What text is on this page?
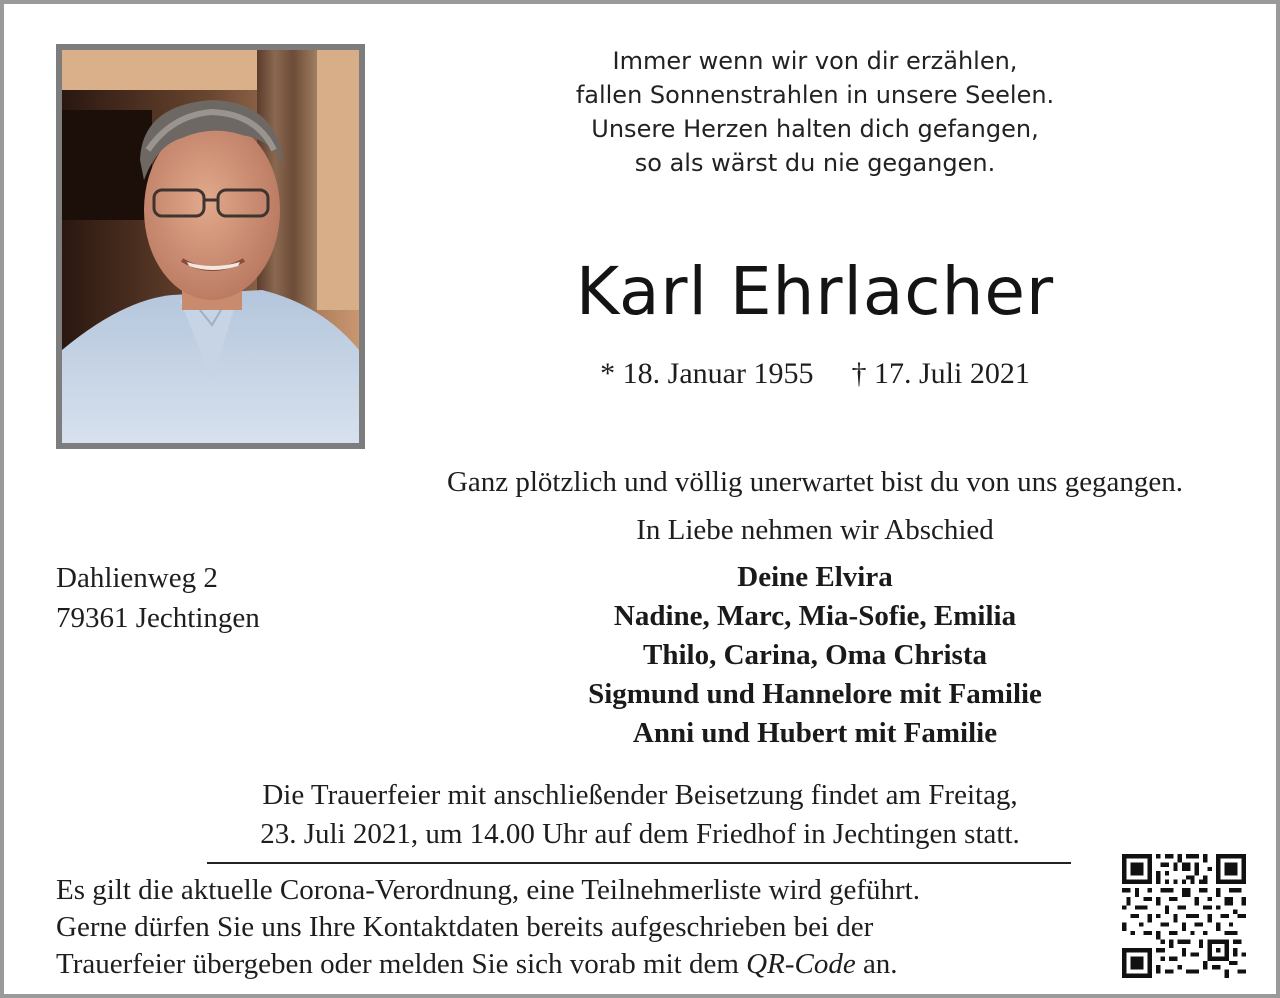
Immer wenn wir von dir erzählen,
fallen Sonnenstrahlen in unsere Seelen.
Unsere Herzen halten dich gefangen,
so als wärst du nie gegangen.
Karl Ehrlacher
* 18. Januar 1955 † 17. Juli 2021
Ganz plötzlich und völlig unerwartet bist du von uns gegangen.
In Liebe nehmen wir Abschied
Dahlienweg 2
79361 Jechtingen
Deine Elvira
Nadine, Marc, Mia-Sofie, Emilia
Thilo, Carina, Oma Christa
Sigmund und Hannelore mit Familie
Anni und Hubert mit Familie
Die Trauerfeier mit anschließender Beisetzung findet am Freitag,
23. Juli 2021, um 14.00 Uhr auf dem Friedhof in Jechtingen statt.
Es gilt die aktuelle Corona-Verordnung, eine Teilnehmerliste wird geführt.
Gerne dürfen Sie uns Ihre Kontaktdaten bereits aufgeschrieben bei der
Trauerfeier übergeben oder melden Sie sich vorab mit dem QR-Code an.
